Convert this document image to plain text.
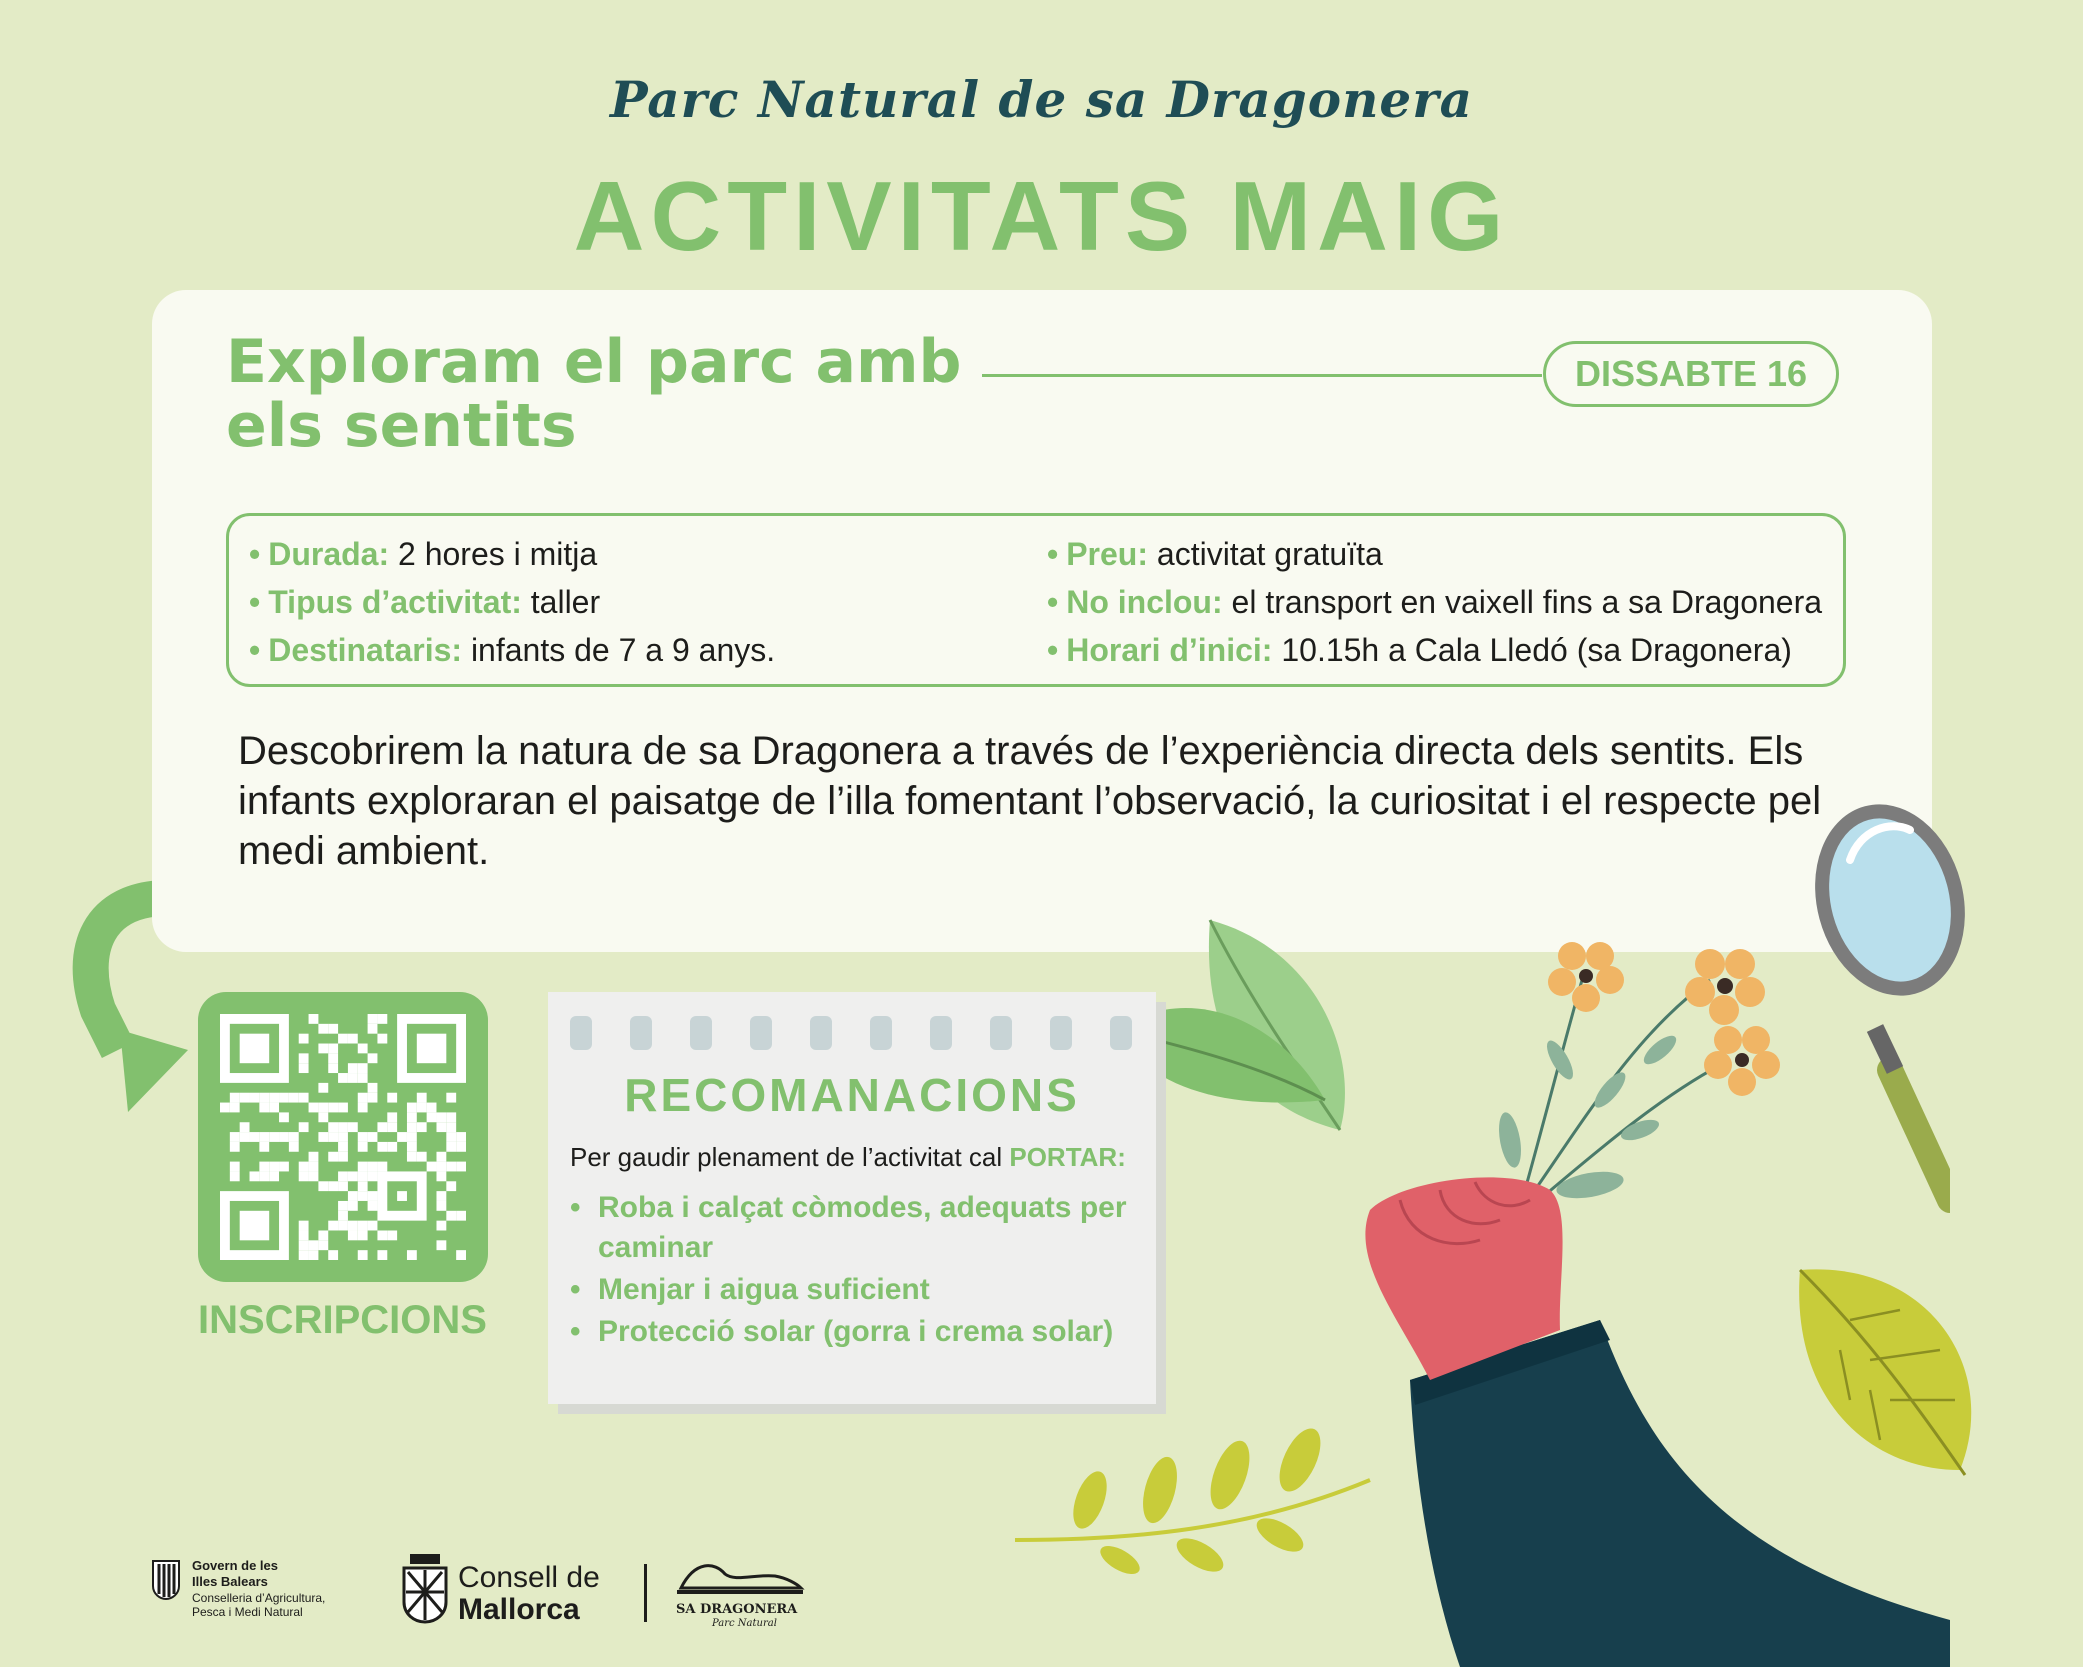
Parc Natural de sa Dragonera
ACTIVITATS MAIG
Exploram el parc amb els sentits
DISSABTE 16
• Durada: 2 hores i mitja
• Tipus d’activitat: taller
• Destinataris: infants de 7 a 9 anys.
• Preu: activitat gratuïta
• No inclou: el transport en vaixell fins a sa Dragonera
• Horari d’inici: 10.15h a Cala Lledó (sa Dragonera)
Descobrirem la natura de sa Dragonera a través de l’experiència directa dels sentits. Els infants exploraran el paisatge de l’illa fomentant l’observació, la curiositat i el respecte pel medi ambient.
INSCRIPCIONS
RECOMANACIONS
Per gaudir plenament de l’activitat cal PORTAR:
• Roba i calçat còmodes, adequats per caminar
• Menjar i aigua suficient
• Protecció solar (gorra i crema solar)
Govern de les
Illes Balears
Conselleria d’Agricultura,
Pesca i Medi Natural
Consell de
Mallorca	SA DRAGONERA
Parc Natural
